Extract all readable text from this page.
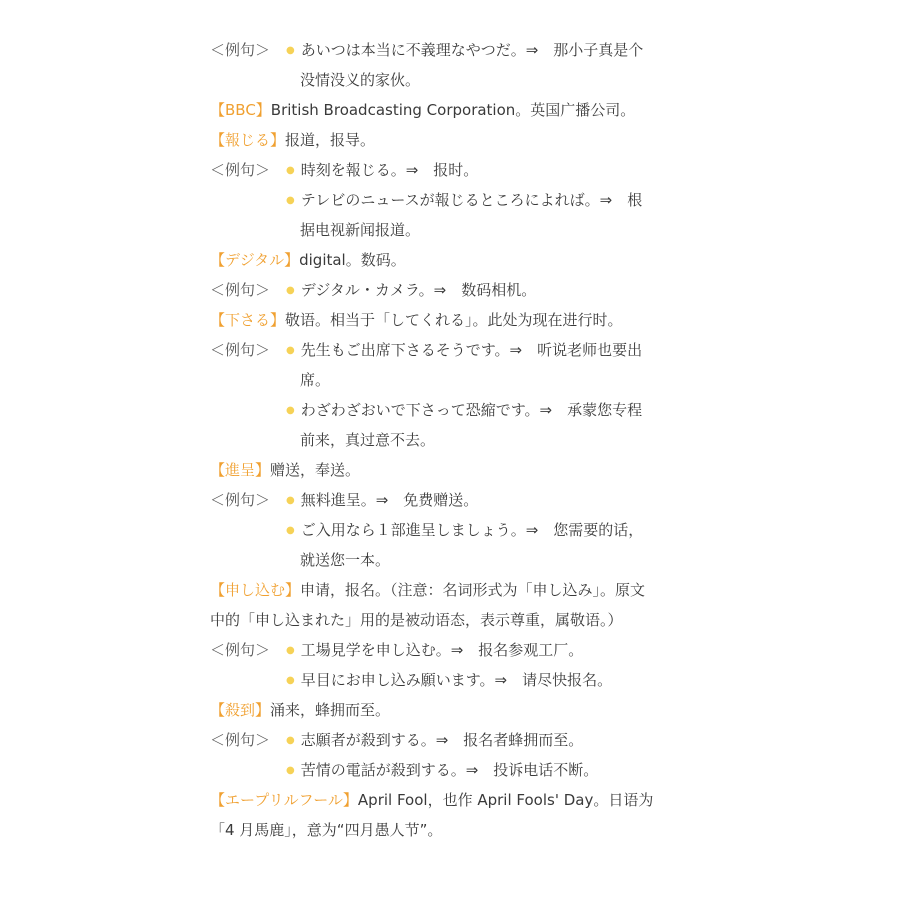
＜例句＞ ● あいつは本当に不義理なやつだ。⇒　那小子真是个
没情没义的家伙。
【BBC】British Broadcasting Corporation。英国广播公司。
【報じる】报道，报导。
＜例句＞ ● 時刻を報じる。⇒　报时。
● テレビのニュースが報じるところによれば。⇒　根
据电视新闻报道。
【デジタル】digital。数码。
＜例句＞ ● デジタル・カメラ。⇒　数码相机。
【下さる】敬语。相当于「してくれる」。此处为现在进行时。
＜例句＞ ● 先生もご出席下さるそうです。⇒　听说老师也要出
席。
● わざわざおいで下さって恐縮です。⇒　承蒙您专程
前来，真过意不去。
【進呈】赠送，奉送。
＜例句＞ ● 無料進呈。⇒　免费赠送。
● ご入用なら１部進呈しましょう。⇒　您需要的话，
就送您一本。
【申し込む】申请，报名。（注意：名词形式为「申し込み」。原文
中的「申し込まれた」用的是被动语态，表示尊重，属敬语。）
＜例句＞ ● 工場見学を申し込む。⇒　报名参观工厂。
● 早目にお申し込み願います。⇒　请尽快报名。
【殺到】涌来，蜂拥而至。
＜例句＞ ● 志願者が殺到する。⇒　报名者蜂拥而至。
● 苦情の電話が殺到する。⇒　投诉电话不断。
【エープリルフール】April Fool，也作 April Fools' Day。日语为
「4 月馬鹿」，意为“四月愚人节”。
